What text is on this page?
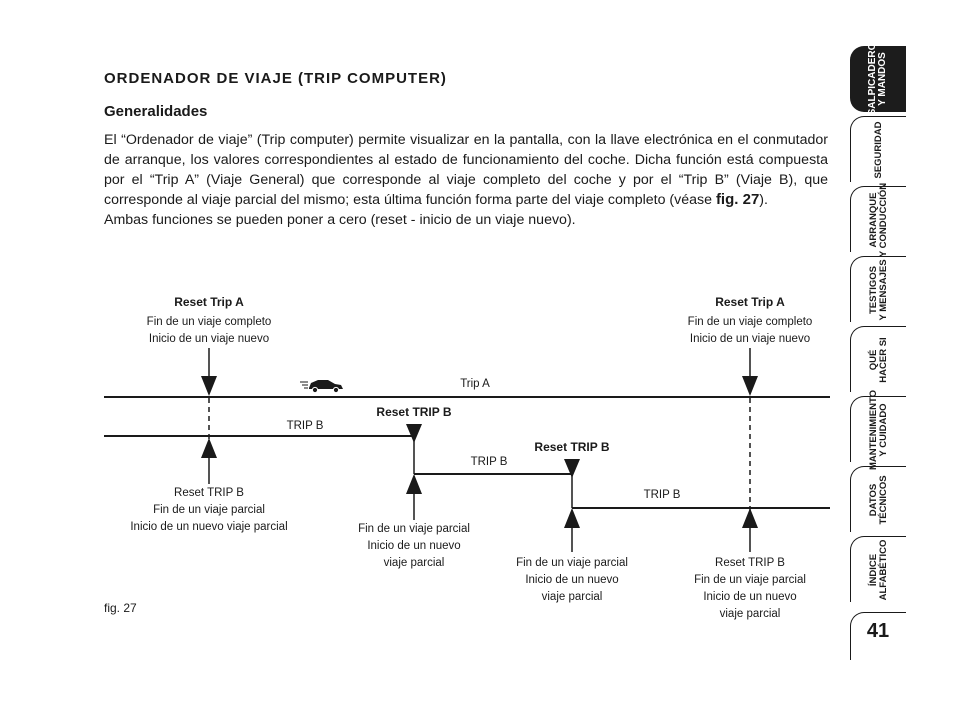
ORDENADOR DE VIAJE (TRIP COMPUTER)
Generalidades
El “Ordenador de viaje” (Trip computer) permite visualizar en la pantalla, con la llave electrónica en el conmutador de arranque, los valores correspondientes al estado de funcionamiento del coche. Dicha función está compuesta por el “Trip A” (Viaje General) que corresponde al viaje completo del coche y por el “Trip B” (Viaje B), que corresponde al viaje parcial del mismo; esta última función forma parte del viaje completo (véase fig. 27).
Ambas funciones se pueden poner a cero (reset - inicio de un viaje nuevo).
Reset Trip A
Fin de un viaje completo
Inicio de un viaje nuevo
Reset Trip A
Fin de un viaje completo
Inicio de un viaje nuevo
Trip A
TRIP B
TRIP B
TRIP B
Reset TRIP B
Reset TRIP B
Reset TRIP B
Fin de un viaje parcial
Inicio de un nuevo viaje parcial	Fin de un viaje parcial
Inicio de un nuevo
viaje parcial	Fin de un viaje parcial
Inicio de un nuevo
viaje parcial
Reset TRIP B
Fin de un viaje parcial
Inicio de un nuevo
viaje parcial
fig. 27
SALPICADERO
Y MANDOS
SEGURIDAD
ARRANQUE
Y CONDUCCIÓN
TESTIGOS
Y MENSAJES
QUÉ
HACER SI
MANTENIMIENTO
Y CUIDADO
DATOS
TÉCNICOS
ÍNDICE
ALFABÉTICO
41
